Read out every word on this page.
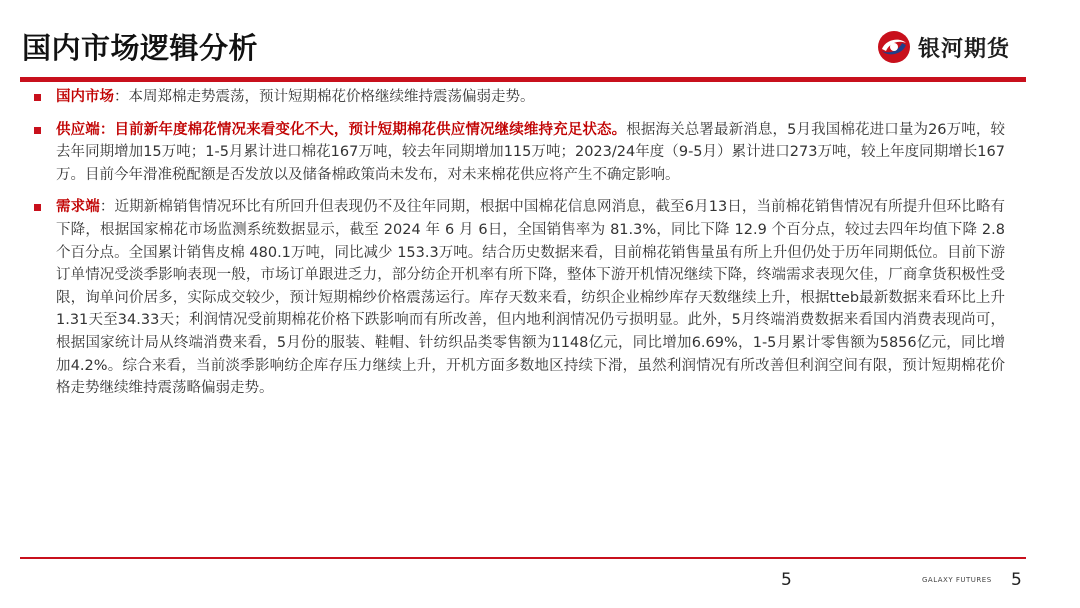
国内市场逻辑分析	银河期货
国内市场：本周郑棉走势震荡，预计短期棉花价格继续维持震荡偏弱走势。
供应端：目前新年度棉花情况来看变化不大，预计短期棉花供应情况继续维持充足状态。根据海关总署最新消息，5月我国棉花进口量为26万吨，较去年同期增加15万吨；1-5月累计进口棉花167万吨，较去年同期增加115万吨；2023/24年度（9-5月）累计进口273万吨，较上年度同期增长167万。目前今年滑准税配额是否发放以及储备棉政策尚未发布，对未来棉花供应将产生不确定影响。
需求端：近期新棉销售情况环比有所回升但表现仍不及往年同期，根据中国棉花信息网消息，截至6月13日，当前棉花销售情况有所提升但环比略有下降，根据国家棉花市场监测系统数据显示，截至 2024 年 6 月 6日，全国销售率为 81.3%，同比下降 12.9 个百分点，较过去四年均值下降 2.8个百分点。全国累计销售皮棉 480.1万吨，同比减少 153.3万吨。结合历史数据来看，目前棉花销售量虽有所上升但仍处于历年同期低位。目前下游订单情况受淡季影响表现一般，市场订单跟进乏力，部分纺企开机率有所下降，整体下游开机情况继续下降，终端需求表现欠佳，厂商拿货积极性受限，询单问价居多，实际成交较少，预计短期棉纱价格震荡运行。库存天数来看，纺织企业棉纱库存天数继续上升，根据tteb最新数据来看环比上升1.31天至34.33天；利润情况受前期棉花价格下跌影响而有所改善，但内地利润情况仍亏损明显。此外，5月终端消费数据来看国内消费表现尚可，根据国家统计局从终端消费来看，5月份的服装、鞋帽、针纺织品类零售额为1148亿元，同比增加6.69%，1-5月累计零售额为5856亿元，同比增加4.2%。综合来看，当前淡季影响纺企库存压力继续上升，开机方面多数地区持续下滑，虽然利润情况有所改善但利润空间有限，预计短期棉花价格走势继续维持震荡略偏弱走势。
5	GALAXY FUTURES 5
